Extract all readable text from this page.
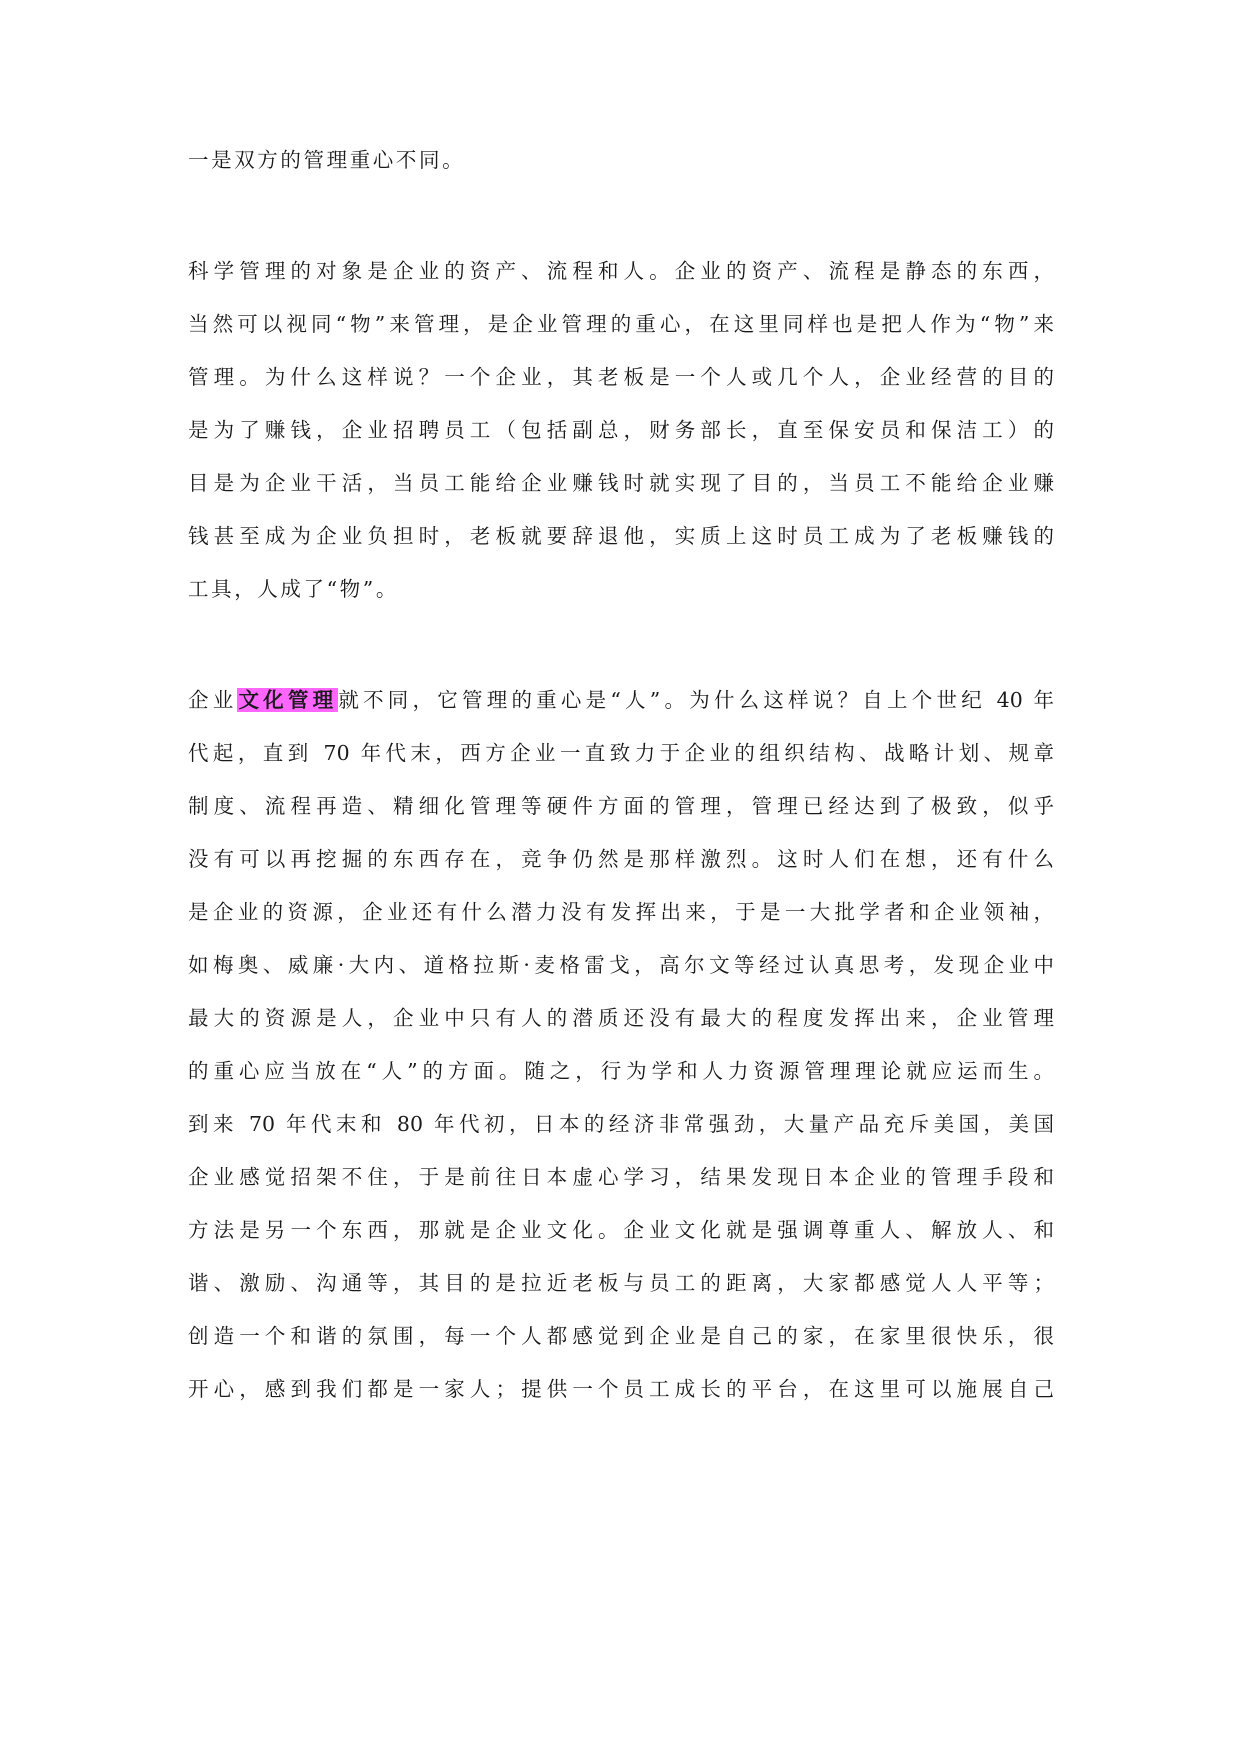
一是双方的管理重心不同。
科学管理的对象是企业的资产、流程和人。企业的资产、流程是静态的东西，
当然可以视同“物”来管理，是企业管理的重心，在这里同样也是把人作为“物”来
管理。为什么这样说？一个企业，其老板是一个人或几个人，企业经营的目的
是为了赚钱，企业招聘员工（包括副总，财务部长，直至保安员和保洁工）的
目是为企业干活，当员工能给企业赚钱时就实现了目的，当员工不能给企业赚
钱甚至成为企业负担时，老板就要辞退他，实质上这时员工成为了老板赚钱的
工具，人成了“物”。
企业文化管理就不同，它管理的重心是“人”。为什么这样说？自上个世纪 40 年
代起，直到 70 年代末，西方企业一直致力于企业的组织结构、战略计划、规章
制度、流程再造、精细化管理等硬件方面的管理，管理已经达到了极致，似乎
没有可以再挖掘的东西存在，竞争仍然是那样激烈。这时人们在想，还有什么
是企业的资源，企业还有什么潜力没有发挥出来，于是一大批学者和企业领袖，
如梅奥、威廉·大内、道格拉斯·麦格雷戈，高尔文等经过认真思考，发现企业中
最大的资源是人，企业中只有人的潜质还没有最大的程度发挥出来，企业管理
的重心应当放在“人”的方面。随之，行为学和人力资源管理理论就应运而生。
到来 70 年代末和 80 年代初，日本的经济非常强劲，大量产品充斥美国，美国
企业感觉招架不住，于是前往日本虚心学习，结果发现日本企业的管理手段和
方法是另一个东西，那就是企业文化。企业文化就是强调尊重人、解放人、和
谐、激励、沟通等，其目的是拉近老板与员工的距离，大家都感觉人人平等；
创造一个和谐的氛围，每一个人都感觉到企业是自己的家，在家里很快乐，很
开心，感到我们都是一家人；提供一个员工成长的平台，在这里可以施展自己
